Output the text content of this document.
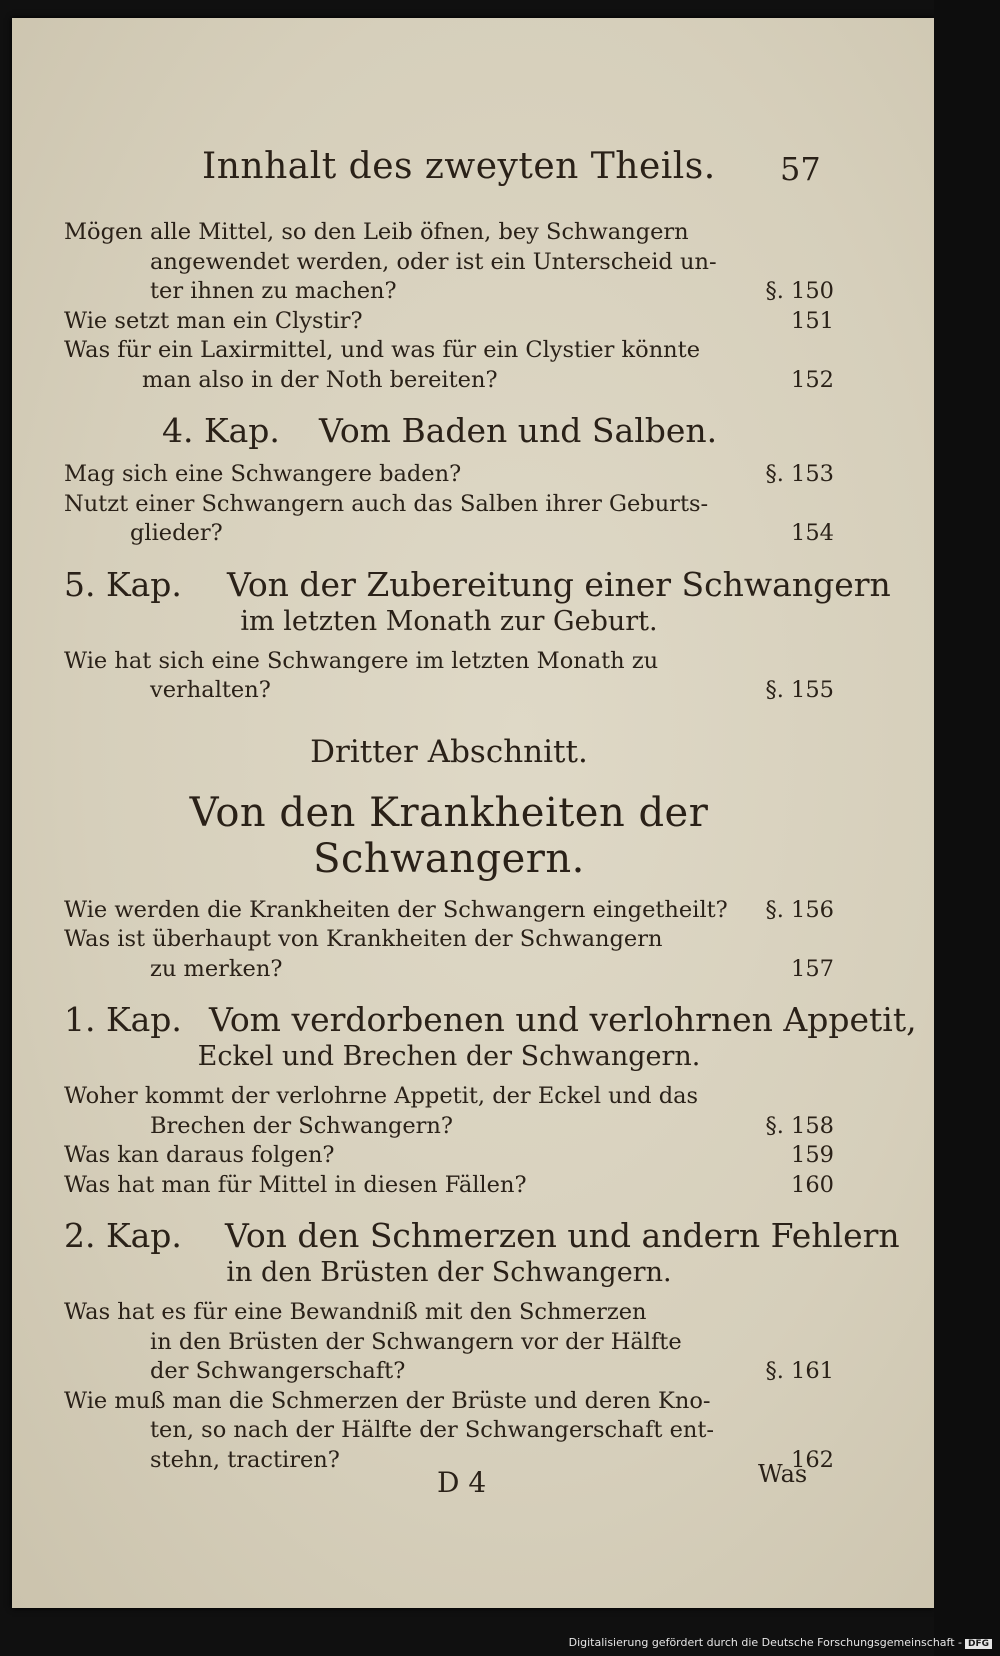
Innhalt des zweyten Theils. 57
Mögen alle Mittel, so den Leib öfnen, bey Schwangern
angewendet werden, oder ist ein Unterscheid un-
ter ihnen zu machen?	§. 150
Wie setzt man ein Clystir?	151
Was für ein Laxirmittel, und was für ein Clystier könnte
man also in der Noth bereiten?	152
4. Kap. Vom Baden und Salben.
Mag sich eine Schwangere baden?	§. 153
Nutzt einer Schwangern auch das Salben ihrer Geburts-
glieder?	154
5. Kap. Von der Zubereitung einer Schwangern
im letzten Monath zur Geburt.
Wie hat sich eine Schwangere im letzten Monath zu
verhalten?	§. 155
Dritter Abschnitt.
Von den Krankheiten der Schwangern.
Wie werden die Krankheiten der Schwangern eingetheilt?	§. 156
Was ist überhaupt von Krankheiten der Schwangern
zu merken?	157
1. Kap. Vom verdorbenen und verlohrnen Appetit,
Eckel und Brechen der Schwangern.
Woher kommt der verlohrne Appetit, der Eckel und das
Brechen der Schwangern?	§. 158
Was kan daraus folgen?	159
Was hat man für Mittel in diesen Fällen?	160
2. Kap. Von den Schmerzen und andern Fehlern
in den Brüsten der Schwangern.
Was hat es für eine Bewandniß mit den Schmerzen
in den Brüsten der Schwangern vor der Hälfte
der Schwangerschaft?	§. 161
Wie muß man die Schmerzen der Brüste und deren Kno-
ten, so nach der Hälfte der Schwangerschaft ent-
stehn, tractiren?	162
D 4	Was
Digitalisierung gefördert durch die Deutsche Forschungsgemeinschaft - DFG
